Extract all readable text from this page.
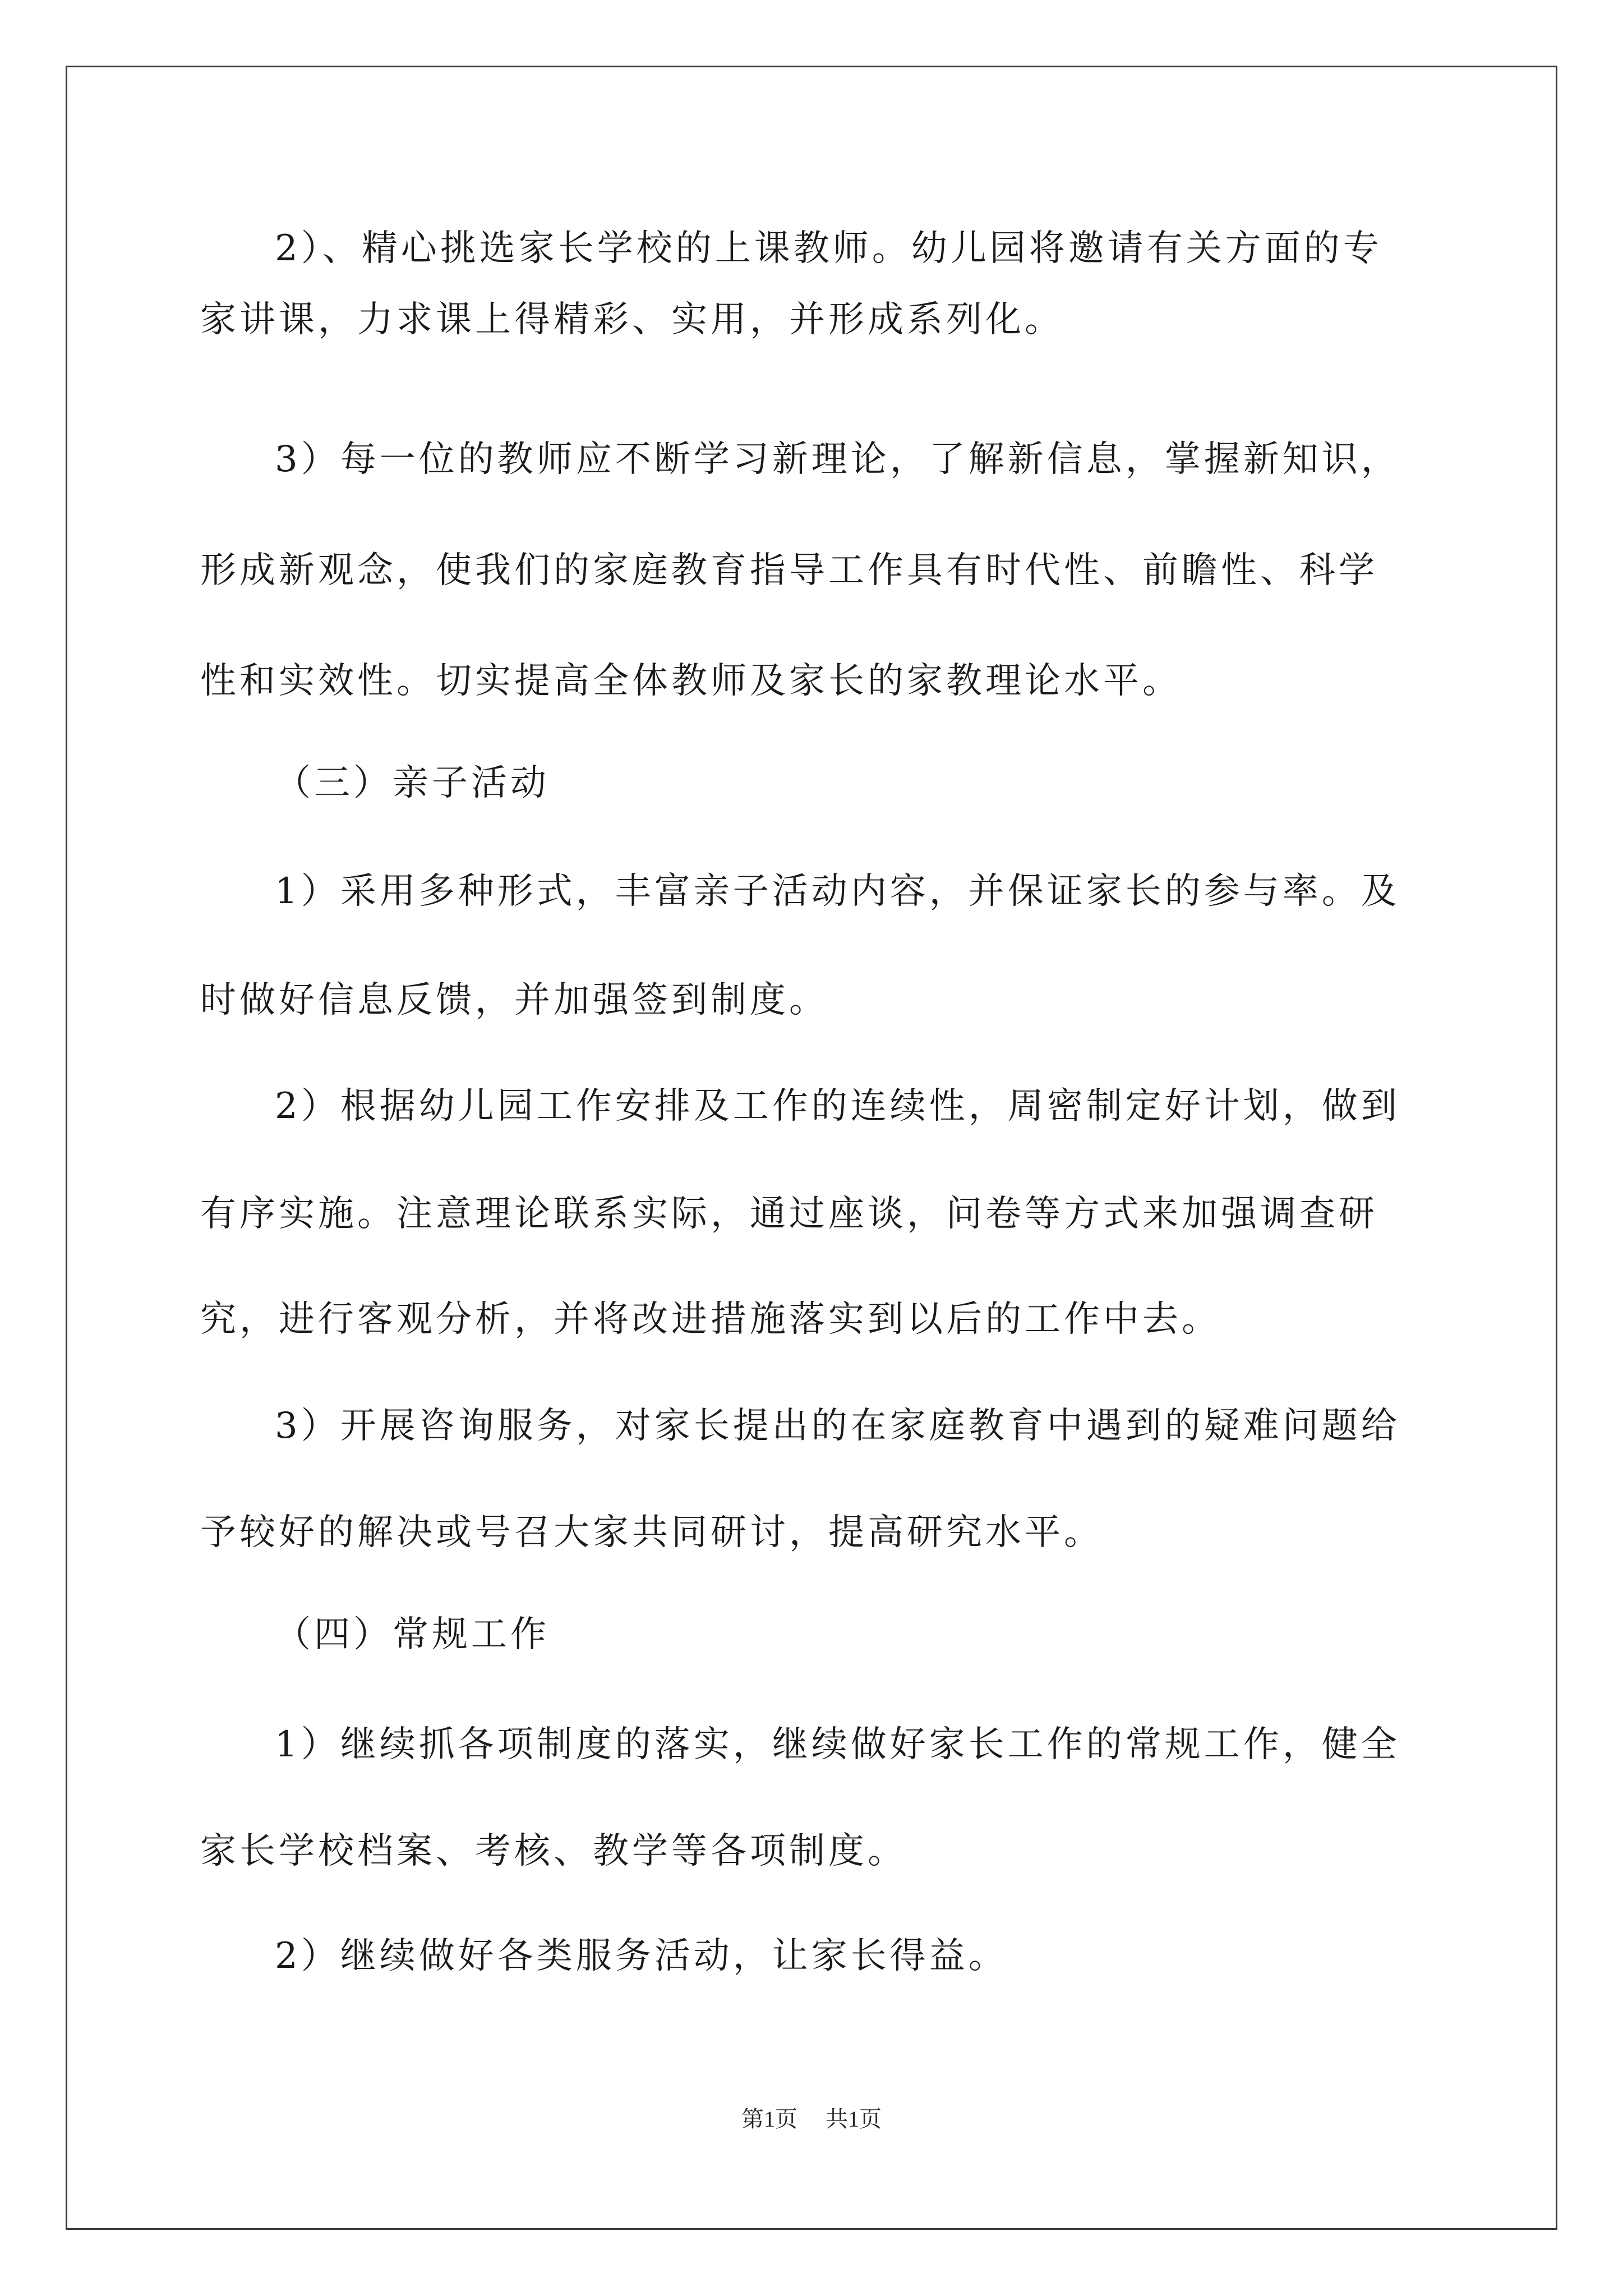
2）、精心挑选家长学校的上课教师。幼儿园将邀请有关方面的专

家讲课，力求课上得精彩、实用，并形成系列化。

3）每一位的教师应不断学习新理论，了解新信息，掌握新知识，

形成新观念，使我们的家庭教育指导工作具有时代性、前瞻性、科学

性和实效性。切实提高全体教师及家长的家教理论水平。

（三）亲子活动

1）采用多种形式，丰富亲子活动内容，并保证家长的参与率。及

时做好信息反馈，并加强签到制度。

2）根据幼儿园工作安排及工作的连续性，周密制定好计划，做到

有序实施。注意理论联系实际，通过座谈，问卷等方式来加强调查研

究，进行客观分析，并将改进措施落实到以后的工作中去。

3）开展咨询服务，对家长提出的在家庭教育中遇到的疑难问题给

予较好的解决或号召大家共同研讨，提高研究水平。

（四）常规工作

1）继续抓各项制度的落实，继续做好家长工作的常规工作，健全

家长学校档案、考核、教学等各项制度。

2）继续做好各类服务活动，让家长得益。

第1页 共1页
